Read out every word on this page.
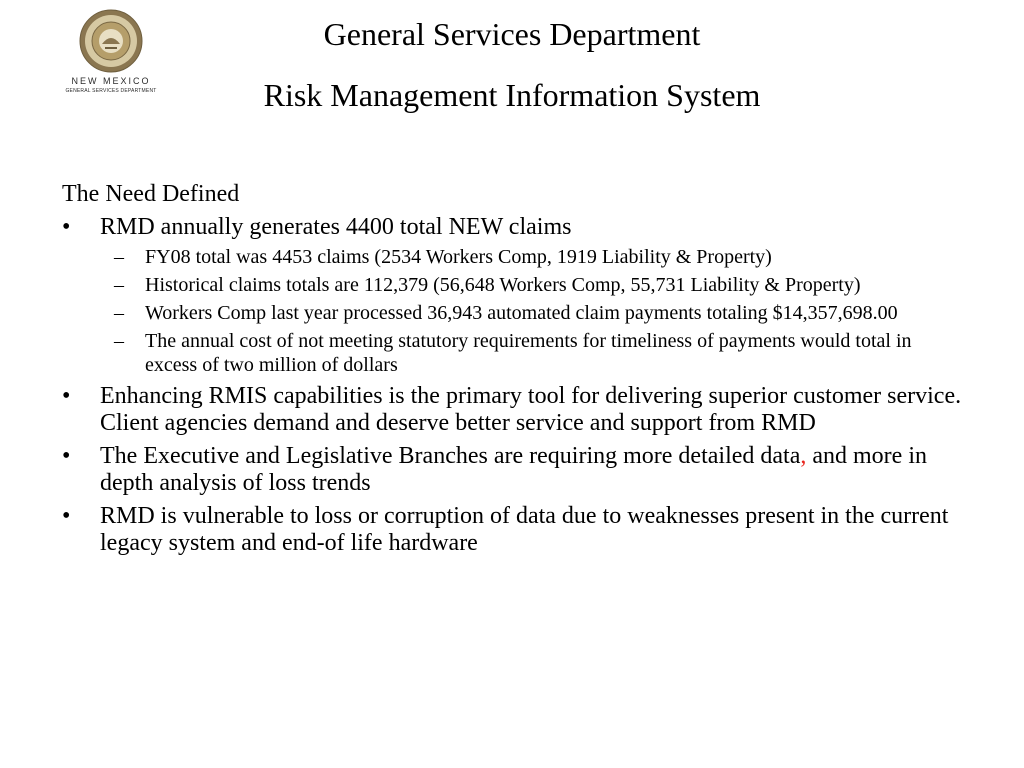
NEW MEXICO
GENERAL SERVICES DEPARTMENT
General Services Department
Risk Management Information System
The Need Defined
•	RMD annually generates 4400 total NEW claims
– FY08 total was 4453 claims (2534 Workers Comp, 1919 Liability & Property)
– Historical claims totals are 112,379 (56,648 Workers Comp, 55,731 Liability & Property)
– Workers Comp last year processed 36,943 automated claim payments totaling $14,357,698.00
– The annual cost of not meeting statutory requirements for timeliness of payments would total in excess of two million of dollars
•	Enhancing RMIS capabilities is the primary tool for delivering superior customer service. Client agencies demand and deserve better service and support from RMD
•	The Executive and Legislative Branches are requiring more detailed data, and more in depth analysis of loss trends
•	RMD is vulnerable to loss or corruption of data due to weaknesses present in the current legacy system and end-of life hardware
